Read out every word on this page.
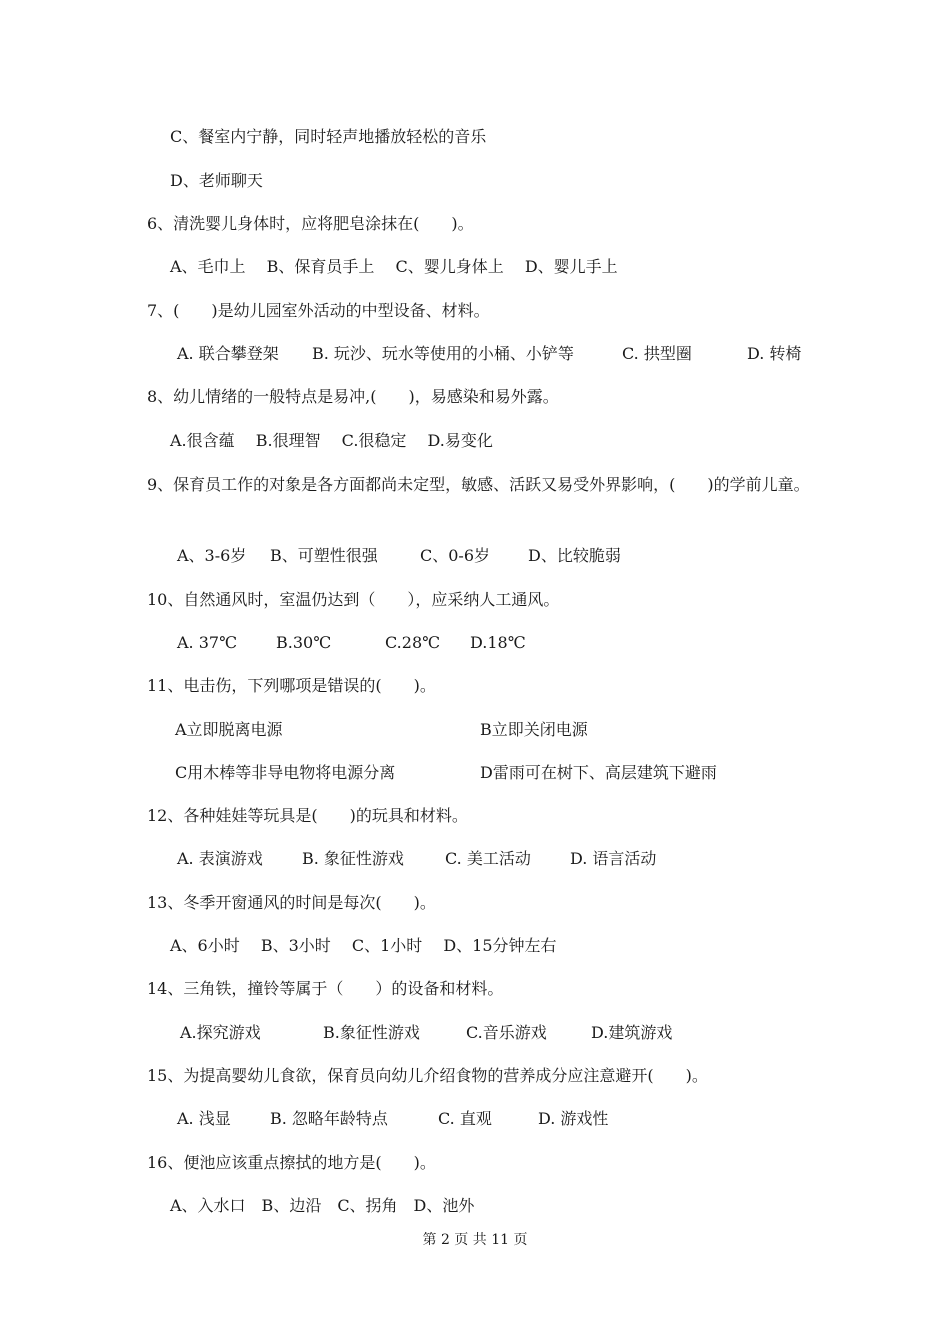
C、餐室内宁静，同时轻声地播放轻松的音乐
D、老师聊天
6、清洗婴儿身体时，应将肥皂涂抹在(　　)。
A、毛巾上　 B、保育员手上　 C、婴儿身体上　 D、婴儿手上
7、(　　)是幼儿园室外活动的中型设备、材料。
A. 联合攀登架 B. 玩沙、玩水等使用的小桶、小铲等	C. 拱型圈	D. 转椅
8、幼儿情绪的一般特点是易冲,(　　)，易感染和易外露。
A.很含蕴　 B.很理智　 C.很稳定　 D.易变化
9、保育员工作的对象是各方面都尚未定型，敏感、活跃又易受外界影响，(　　)的学前儿童。
A、3-6岁 B、可塑性很强	C、0-6岁 D、比较脆弱
10、自然通风时，室温仍达到（　　），应采纳人工通风。
A. 37℃ B.30℃	C.28℃ D.18℃
11、电击伤，下列哪项是错误的(　　)。
A立即脱离电源	B立即关闭电源
C用木棒等非导电物将电源分离	D雷雨可在树下、高层建筑下避雨
12、各种娃娃等玩具是(　　)的玩具和材料。
A. 表演游戏 B. 象征性游戏	C. 美工活动 D. 语言活动
13、冬季开窗通风的时间是每次(　　)。
A、6小时　 B、3小时　 C、1小时　 D、15分钟左右
14、三角铁，撞铃等属于（　　）的设备和材料。
A.探究游戏	B.象征性游戏	C.音乐游戏	D.建筑游戏
15、为提高婴幼儿食欲，保育员向幼儿介绍食物的营养成分应注意避开(　　)。
A. 浅显 B. 忽略年龄特点	C. 直观	D. 游戏性
16、便池应该重点擦拭的地方是(　　)。
A、入水口　B、边沿　C、拐角　D、池外
第 2 页 共 11 页
